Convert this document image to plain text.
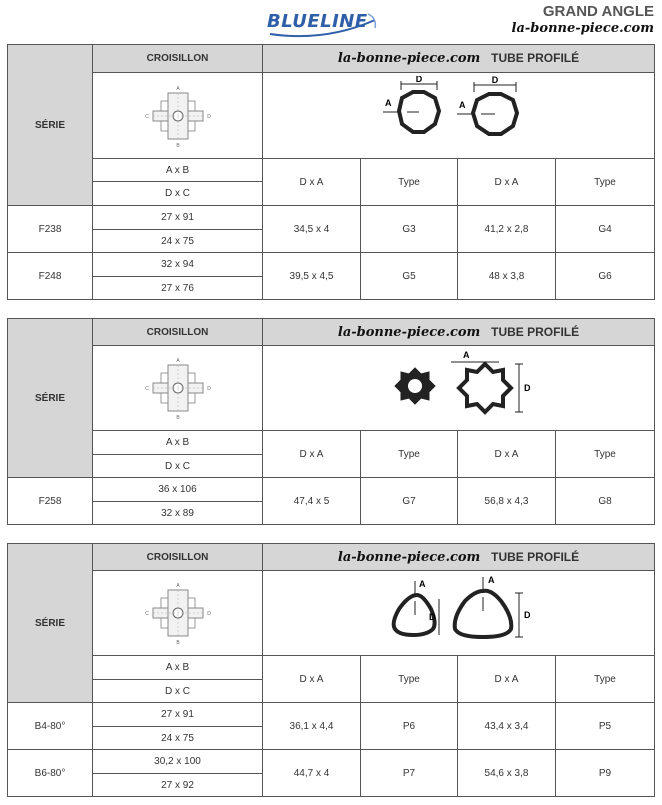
BLUELINE	GRAND ANGLE
la-bonne-piece.com
SÉRIE	CROISILLON	la-bonne-piece.com TUBE PROFILÉ			

A
B
C D	D
A
D
A			

	A x B	D x A	Type	D x A	Type
	D x C				
F238	27 x 91	34,5 x 4	G3	41,2 x 2,8	G4
	24 x 75				
F248	32 x 94	39,5 x 4,5	G5	48 x 3,8	G6
	27 x 76				
SÉRIE	CROISILLON	la-bonne-piece.com TUBE PROFILÉ			

A
B
C D	A
D			

	A x B	D x A	Type	D x A	Type
	D x C				
F258	36 x 106	47,4 x 5	G7	56,8 x 4,3	G8
	32 x 89				
SÉRIE	CROISILLON	la-bonne-piece.com TUBE PROFILÉ			

A
B
C D	A
D
A
D			

	A x B	D x A	Type	D x A	Type
	D x C				
B4-80°	27 x 91	36,1 x 4,4	P6	43,4 x 3,4	P5
	24 x 75				
B6-80°	30,2 x 100	44,7 x 4	P7	54,6 x 3,8	P9
	27 x 92				
